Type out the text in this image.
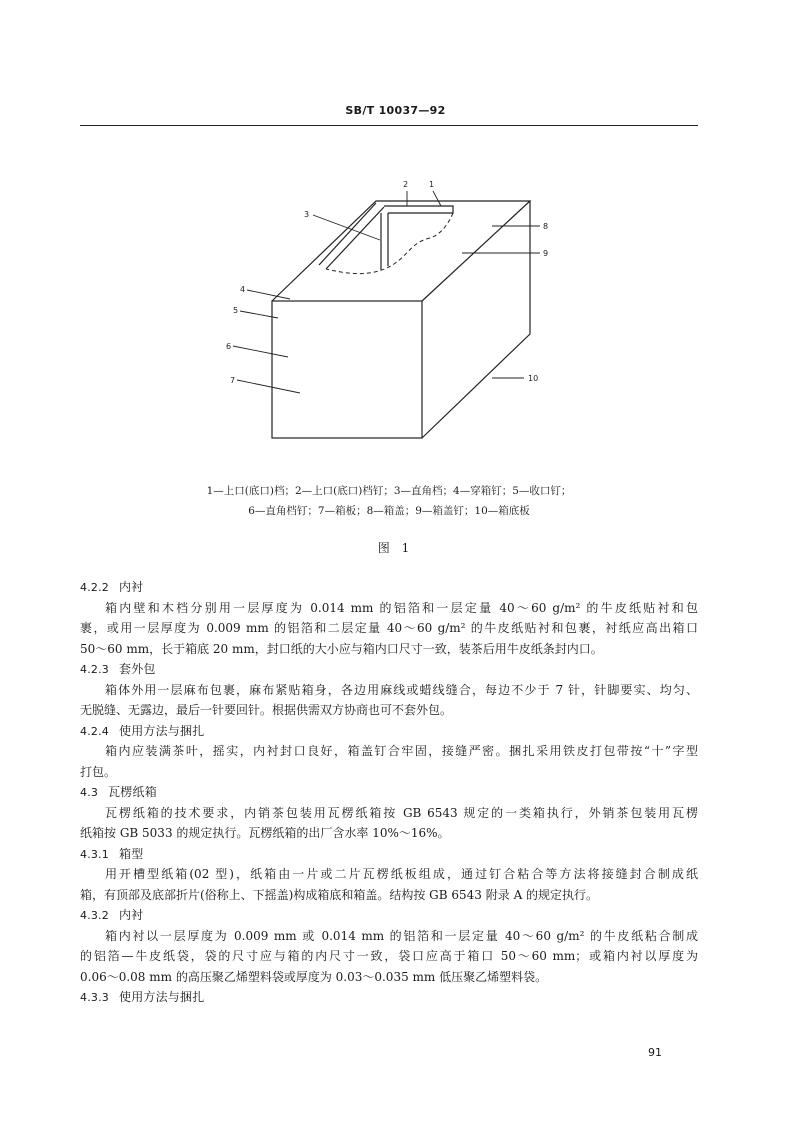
SB/T 10037—92
1
2
3
4
5
6
7
8
9
10
1—上口(底口)档；2—上口(底口)档钉；3—直角档；4—穿箱钉；5—收口钉；
6—直角档钉；7—箱板；8—箱盖；9—箱盖钉；10—箱底板
图 1
4.2.2 内衬
箱内壁和木档分别用一层厚度为 0.014 mm 的铝箔和一层定量 40～60 g/m² 的牛皮纸贴衬和包
裹，或用一层厚度为 0.009 mm 的铝箔和二层定量 40～60 g/m² 的牛皮纸贴衬和包裹，衬纸应高出箱口
50～60 mm，长于箱底 20 mm，封口纸的大小应与箱内口尺寸一致，装茶后用牛皮纸条封内口。
4.2.3 套外包
箱体外用一层麻布包裹，麻布紧贴箱身，各边用麻线或蜡线缝合，每边不少于 7 针，针脚要实、均匀、
无脱缝、无露边，最后一针要回针。根据供需双方协商也可不套外包。
4.2.4 使用方法与捆扎
箱内应装满茶叶，摇实，内衬封口良好，箱盖钉合牢固，接缝严密。捆扎采用铁皮打包带按“十”字型
打包。
4.3 瓦楞纸箱
瓦楞纸箱的技术要求，内销茶包装用瓦楞纸箱按 GB 6543 规定的一类箱执行，外销茶包装用瓦楞
纸箱按 GB 5033 的规定执行。瓦楞纸箱的出厂含水率 10%～16%。
4.3.1 箱型
用开槽型纸箱(02 型)，纸箱由一片或二片瓦楞纸板组成，通过钉合粘合等方法将接缝封合制成纸
箱，有顶部及底部折片(俗称上、下摇盖)构成箱底和箱盖。结构按 GB 6543 附录 A 的规定执行。
4.3.2 内衬
箱内衬以一层厚度为 0.009 mm 或 0.014 mm 的铝箔和一层定量 40～60 g/m² 的牛皮纸粘合制成
的铝箔—牛皮纸袋，袋的尺寸应与箱的内尺寸一致，袋口应高于箱口 50～60 mm；或箱内衬以厚度为
0.06～0.08 mm 的高压聚乙烯塑料袋或厚度为 0.03～0.035 mm 低压聚乙烯塑料袋。
4.3.3 使用方法与捆扎
91
